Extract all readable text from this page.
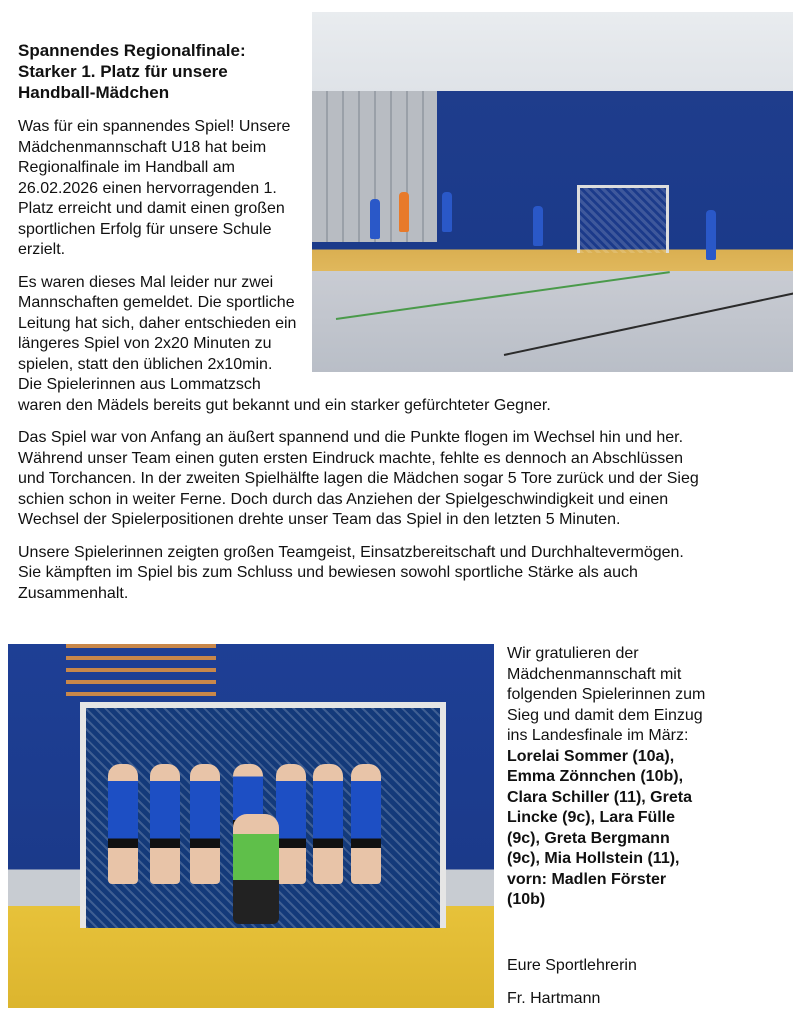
Spannendes Regionalfinale: Starker 1. Platz für unsere Handball-Mädchen

Was für ein spannendes Spiel! Unsere Mädchenmannschaft U18 hat beim Regionalfinale im Handball am 26.02.2026 einen hervorragenden 1. Platz erreicht und damit einen großen sportlichen Erfolg für unsere Schule erzielt.

Es waren dieses Mal leider nur zwei Mannschaften gemeldet. Die sportliche Leitung hat sich, daher entschieden ein längeres Spiel von 2x20 Minuten zu spielen, statt den üblichen 2x10min. Die Spielerinnen aus Lommatzsch waren den Mädels bereits gut bekannt und ein starker gefürchteter Gegner.

Das Spiel war von Anfang an äußert spannend und die Punkte flogen im Wechsel hin und her. Während unser Team einen guten ersten Eindruck machte, fehlte es dennoch an Abschlüssen und Torchancen. In der zweiten Spielhälfte lagen die Mädchen sogar 5 Tore zurück und der Sieg schien schon in weiter Ferne. Doch durch das Anziehen der Spielgeschwindigkeit und einen Wechsel der Spielerpositionen drehte unser Team das Spiel in den letzten 5 Minuten.

Unsere Spielerinnen zeigten großen Teamgeist, Einsatzbereitschaft und Durchhaltevermögen. Sie kämpften im Spiel bis zum Schluss und bewiesen sowohl sportliche Stärke als auch Zusammenhalt.

Wir gratulieren der Mädchenmannschaft mit folgenden Spielerinnen zum Sieg und damit dem Einzug ins Landesfinale im März: Lorelai Sommer (10a), Emma Zönnchen (10b), Clara Schiller (11), Greta Lincke (9c), Lara Fülle (9c), Greta Bergmann (9c), Mia Hollstein (11), vorn: Madlen Förster (10b)

Eure Sportlehrerin
Fr. Hartmann
